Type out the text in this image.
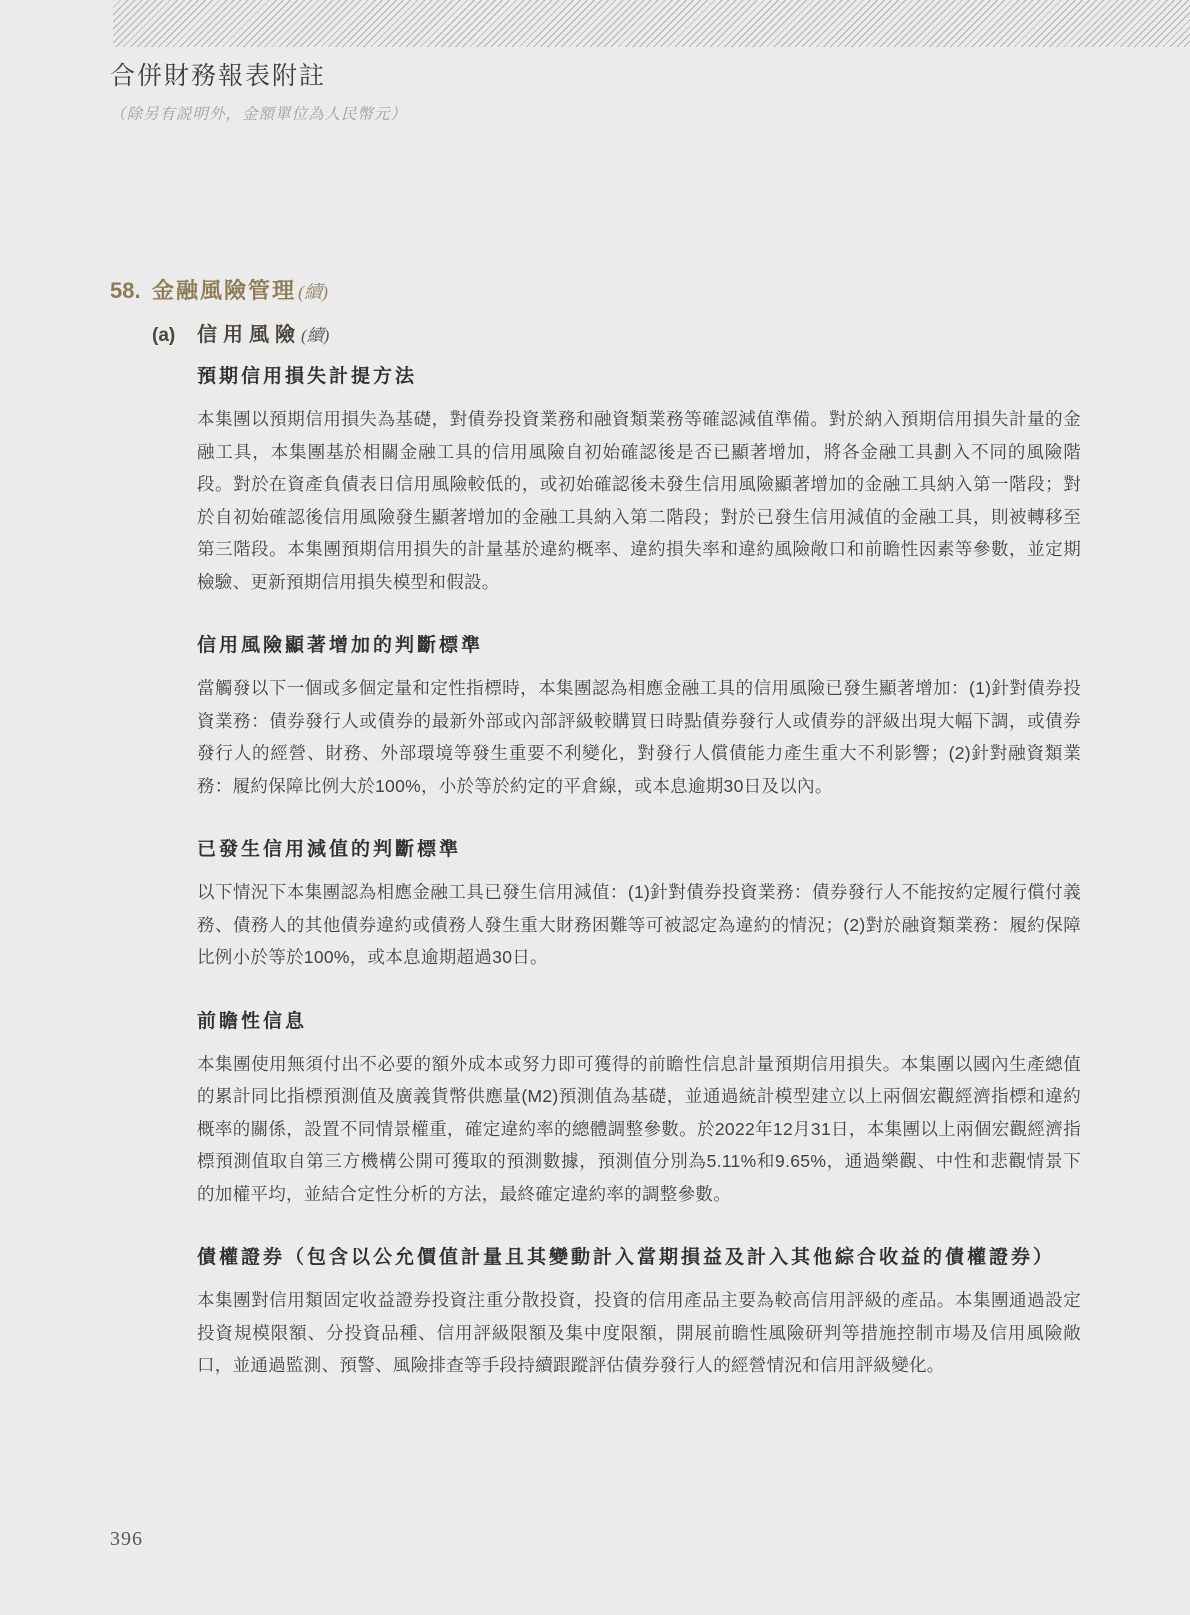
合併財務報表附註
（除另有説明外，金額單位為人民幣元）
58. 金融風險管理 (續)
(a)	信用風險 (續)
預期信用損失計提方法

本集團以預期信用損失為基礎，對債券投資業務和融資類業務等確認減值準備。對於納入預期信用損失計量的金融工具，本集團基於相關金融工具的信用風險自初始確認後是否已顯著增加，將各金融工具劃入不同的風險階段。對於在資產負債表日信用風險較低的，或初始確認後未發生信用風險顯著增加的金融工具納入第一階段；對於自初始確認後信用風險發生顯著增加的金融工具納入第二階段；對於已發生信用減值的金融工具，則被轉移至第三階段。本集團預期信用損失的計量基於違約概率、違約損失率和違約風險敞口和前瞻性因素等參數，並定期檢驗、更新預期信用損失模型和假設。

信用風險顯著增加的判斷標準

當觸發以下一個或多個定量和定性指標時，本集團認為相應金融工具的信用風險已發生顯著增加：(1)針對債券投資業務：債券發行人或債券的最新外部或內部評級較購買日時點債券發行人或債券的評級出現大幅下調，或債券發行人的經營、財務、外部環境等發生重要不利變化，對發行人償債能力產生重大不利影響；(2)針對融資類業務：履約保障比例大於100%，小於等於約定的平倉線，或本息逾期30日及以內。

已發生信用減值的判斷標準

以下情況下本集團認為相應金融工具已發生信用減值：(1)針對債券投資業務：債券發行人不能按約定履行償付義務、債務人的其他債券違約或債務人發生重大財務困難等可被認定為違約的情況；(2)對於融資類業務：履約保障比例小於等於100%，或本息逾期超過30日。

前瞻性信息

本集團使用無須付出不必要的額外成本或努力即可獲得的前瞻性信息計量預期信用損失。本集團以國內生產總值的累計同比指標預測值及廣義貨幣供應量(M2)預測值為基礎，並通過統計模型建立以上兩個宏觀經濟指標和違約概率的關係，設置不同情景權重，確定違約率的總體調整參數。於2022年12月31日，本集團以上兩個宏觀經濟指標預測值取自第三方機構公開可獲取的預測數據，預測值分別為5.11%和9.65%，通過樂觀、中性和悲觀情景下的加權平均，並結合定性分析的方法，最終確定違約率的調整參數。

債權證券（包含以公允價值計量且其變動計入當期損益及計入其他綜合收益的債權證券）

本集團對信用類固定收益證券投資注重分散投資，投資的信用產品主要為較高信用評級的產品。本集團通過設定投資規模限額、分投資品種、信用評級限額及集中度限額，開展前瞻性風險研判等措施控制市場及信用風險敞口，並通過監測、預警、風險排查等手段持續跟蹤評估債券發行人的經營情況和信用評級變化。

396
